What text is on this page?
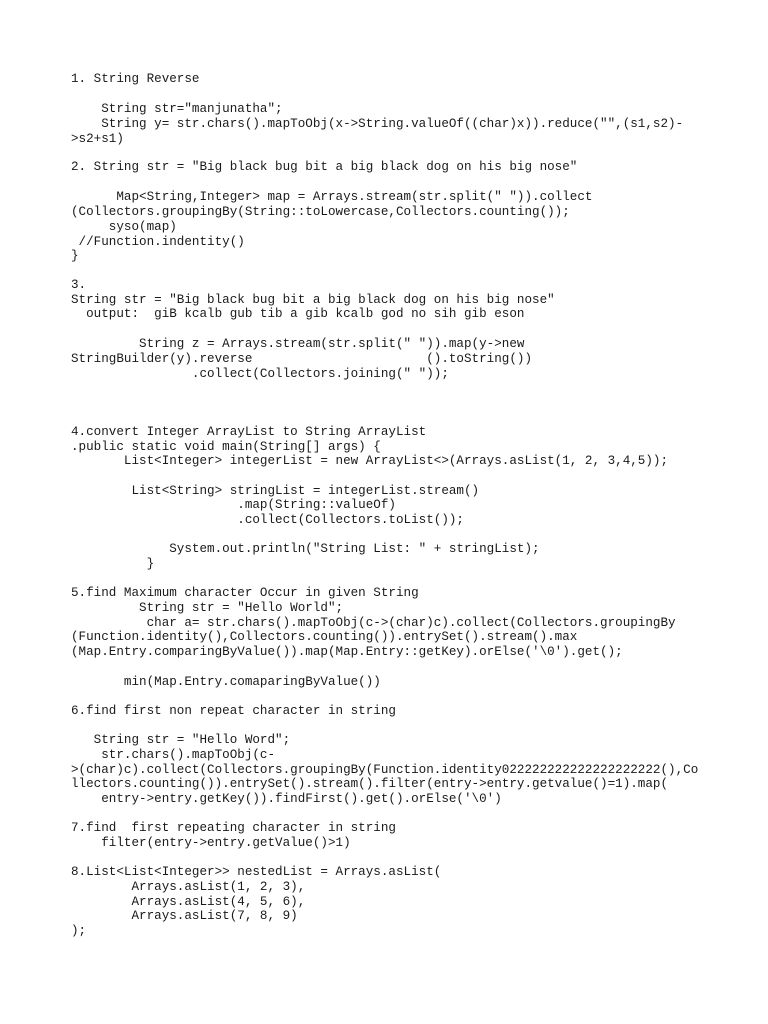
1. String Reverse

String str="manjunatha";

String y= str.chars().mapToObj(x->String.valueOf((char)x)).reduce("",(s1,s2)-

>s2+s1)

2. String str = "Big black bug bit a big black dog on his big nose"

Map<String,Integer> map = Arrays.stream(str.split(" ")).collect

(Collectors.groupingBy(String::toLowercase,Collectors.counting());

syso(map)

//Function.indentity()

}

3.

String str = "Big black bug bit a big black dog on his big nose"

output:  giB kcalb gub tib a gib kcalb god no sih gib eson

String z = Arrays.stream(str.split(" ")).map(y->new

StringBuilder(y).reverse                       ().toString())

.collect(Collectors.joining(" "));

4.convert Integer ArrayList to String ArrayList

.public static void main(String[] args) {

List<Integer> integerList = new ArrayList<>(Arrays.asList(1, 2, 3,4,5));

List<String> stringList = integerList.stream()

.map(String::valueOf)

.collect(Collectors.toList());

System.out.println("String List: " + stringList);

}

5.find Maximum character Occur in given String

String str = "Hello World";

char a= str.chars().mapToObj(c->(char)c).collect(Collectors.groupingBy

(Function.identity(),Collectors.counting()).entrySet().stream().max

(Map.Entry.comparingByValue()).map(Map.Entry::getKey).orElse('\0').get();

min(Map.Entry.comaparingByValue())

6.find first non repeat character in string

String str = "Hello Word";

str.chars().mapToObj(c-

>(char)c).collect(Collectors.groupingBy(Function.identity022222222222222222222(),Co

llectors.counting()).entrySet().stream().filter(entry->entry.getvalue()=1).map(

entry->entry.getKey()).findFirst().get().orElse('\0')

7.find  first repeating character in string

filter(entry->entry.getValue()>1)

8.List<List<Integer>> nestedList = Arrays.asList(

Arrays.asList(1, 2, 3),

Arrays.asList(4, 5, 6),

Arrays.asList(7, 8, 9)

);
